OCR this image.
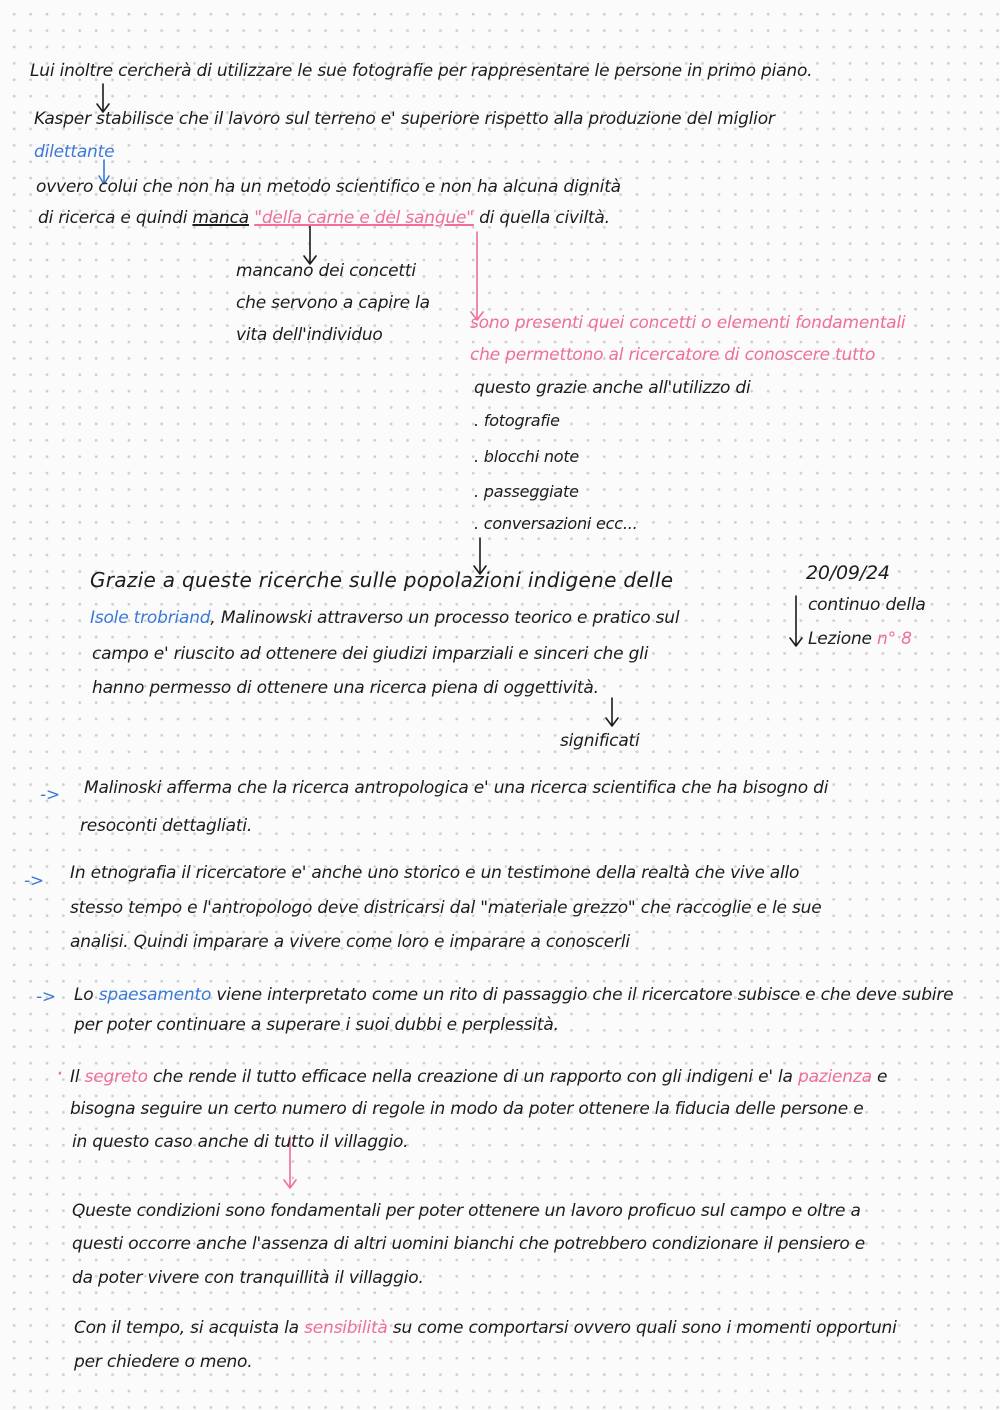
Lui inoltre cercherà di utilizzare le sue fotografie per rappresentare le persone in primo piano.

Kasper stabilisce che il lavoro sul terreno e' superiore rispetto alla produzione del miglior

dilettante

ovvero colui che non ha un metodo scientifico e non ha alcuna dignità

di ricerca e quindi manca "della carne e del sangue" di quella civiltà.

mancano dei concetti

che servono a capire la

vita dell'individuo

sono presenti quei concetti o elementi fondamentali

che permettono al ricercatore di conoscere tutto

questo grazie anche all'utilizzo di

. fotografie

. blocchi note

. passeggiate

. conversazioni ecc...

20/09/24

continuo della

Lezione n° 8

Grazie a queste ricerche sulle popolazioni indigene delle

Isole trobriand, Malinowski attraverso un processo teorico e pratico sul

campo e' riuscito ad ottenere dei giudizi imparziali e sinceri che gli

hanno permesso di ottenere una ricerca piena di oggettività.

significati

-> Malinoski afferma che la ricerca antropologica e' una ricerca scientifica che ha bisogno di

resoconti dettagliati.

-> In etnografia il ricercatore e' anche uno storico e un testimone della realtà che vive allo

stesso tempo e l'antropologo deve districarsi dal "materiale grezzo" che raccoglie e le sue

analisi. Quindi imparare a vivere come loro e imparare a conoscerli

-> Lo spaesamento viene interpretato come un rito di passaggio che il ricercatore subisce e che deve subire

per poter continuare a superare i suoi dubbi e perplessità.

· Il segreto che rende il tutto efficace nella creazione di un rapporto con gli indigeni e' la pazienza e

bisogna seguire un certo numero di regole in modo da poter ottenere la fiducia delle persone e

in questo caso anche di tutto il villaggio.

Queste condizioni sono fondamentali per poter ottenere un lavoro proficuo sul campo e oltre a

questi occorre anche l'assenza di altri uomini bianchi che potrebbero condizionare il pensiero e

da poter vivere con tranquillità il villaggio.

Con il tempo, si acquista la sensibilità su come comportarsi ovvero quali sono i momenti opportuni

per chiedere o meno.
